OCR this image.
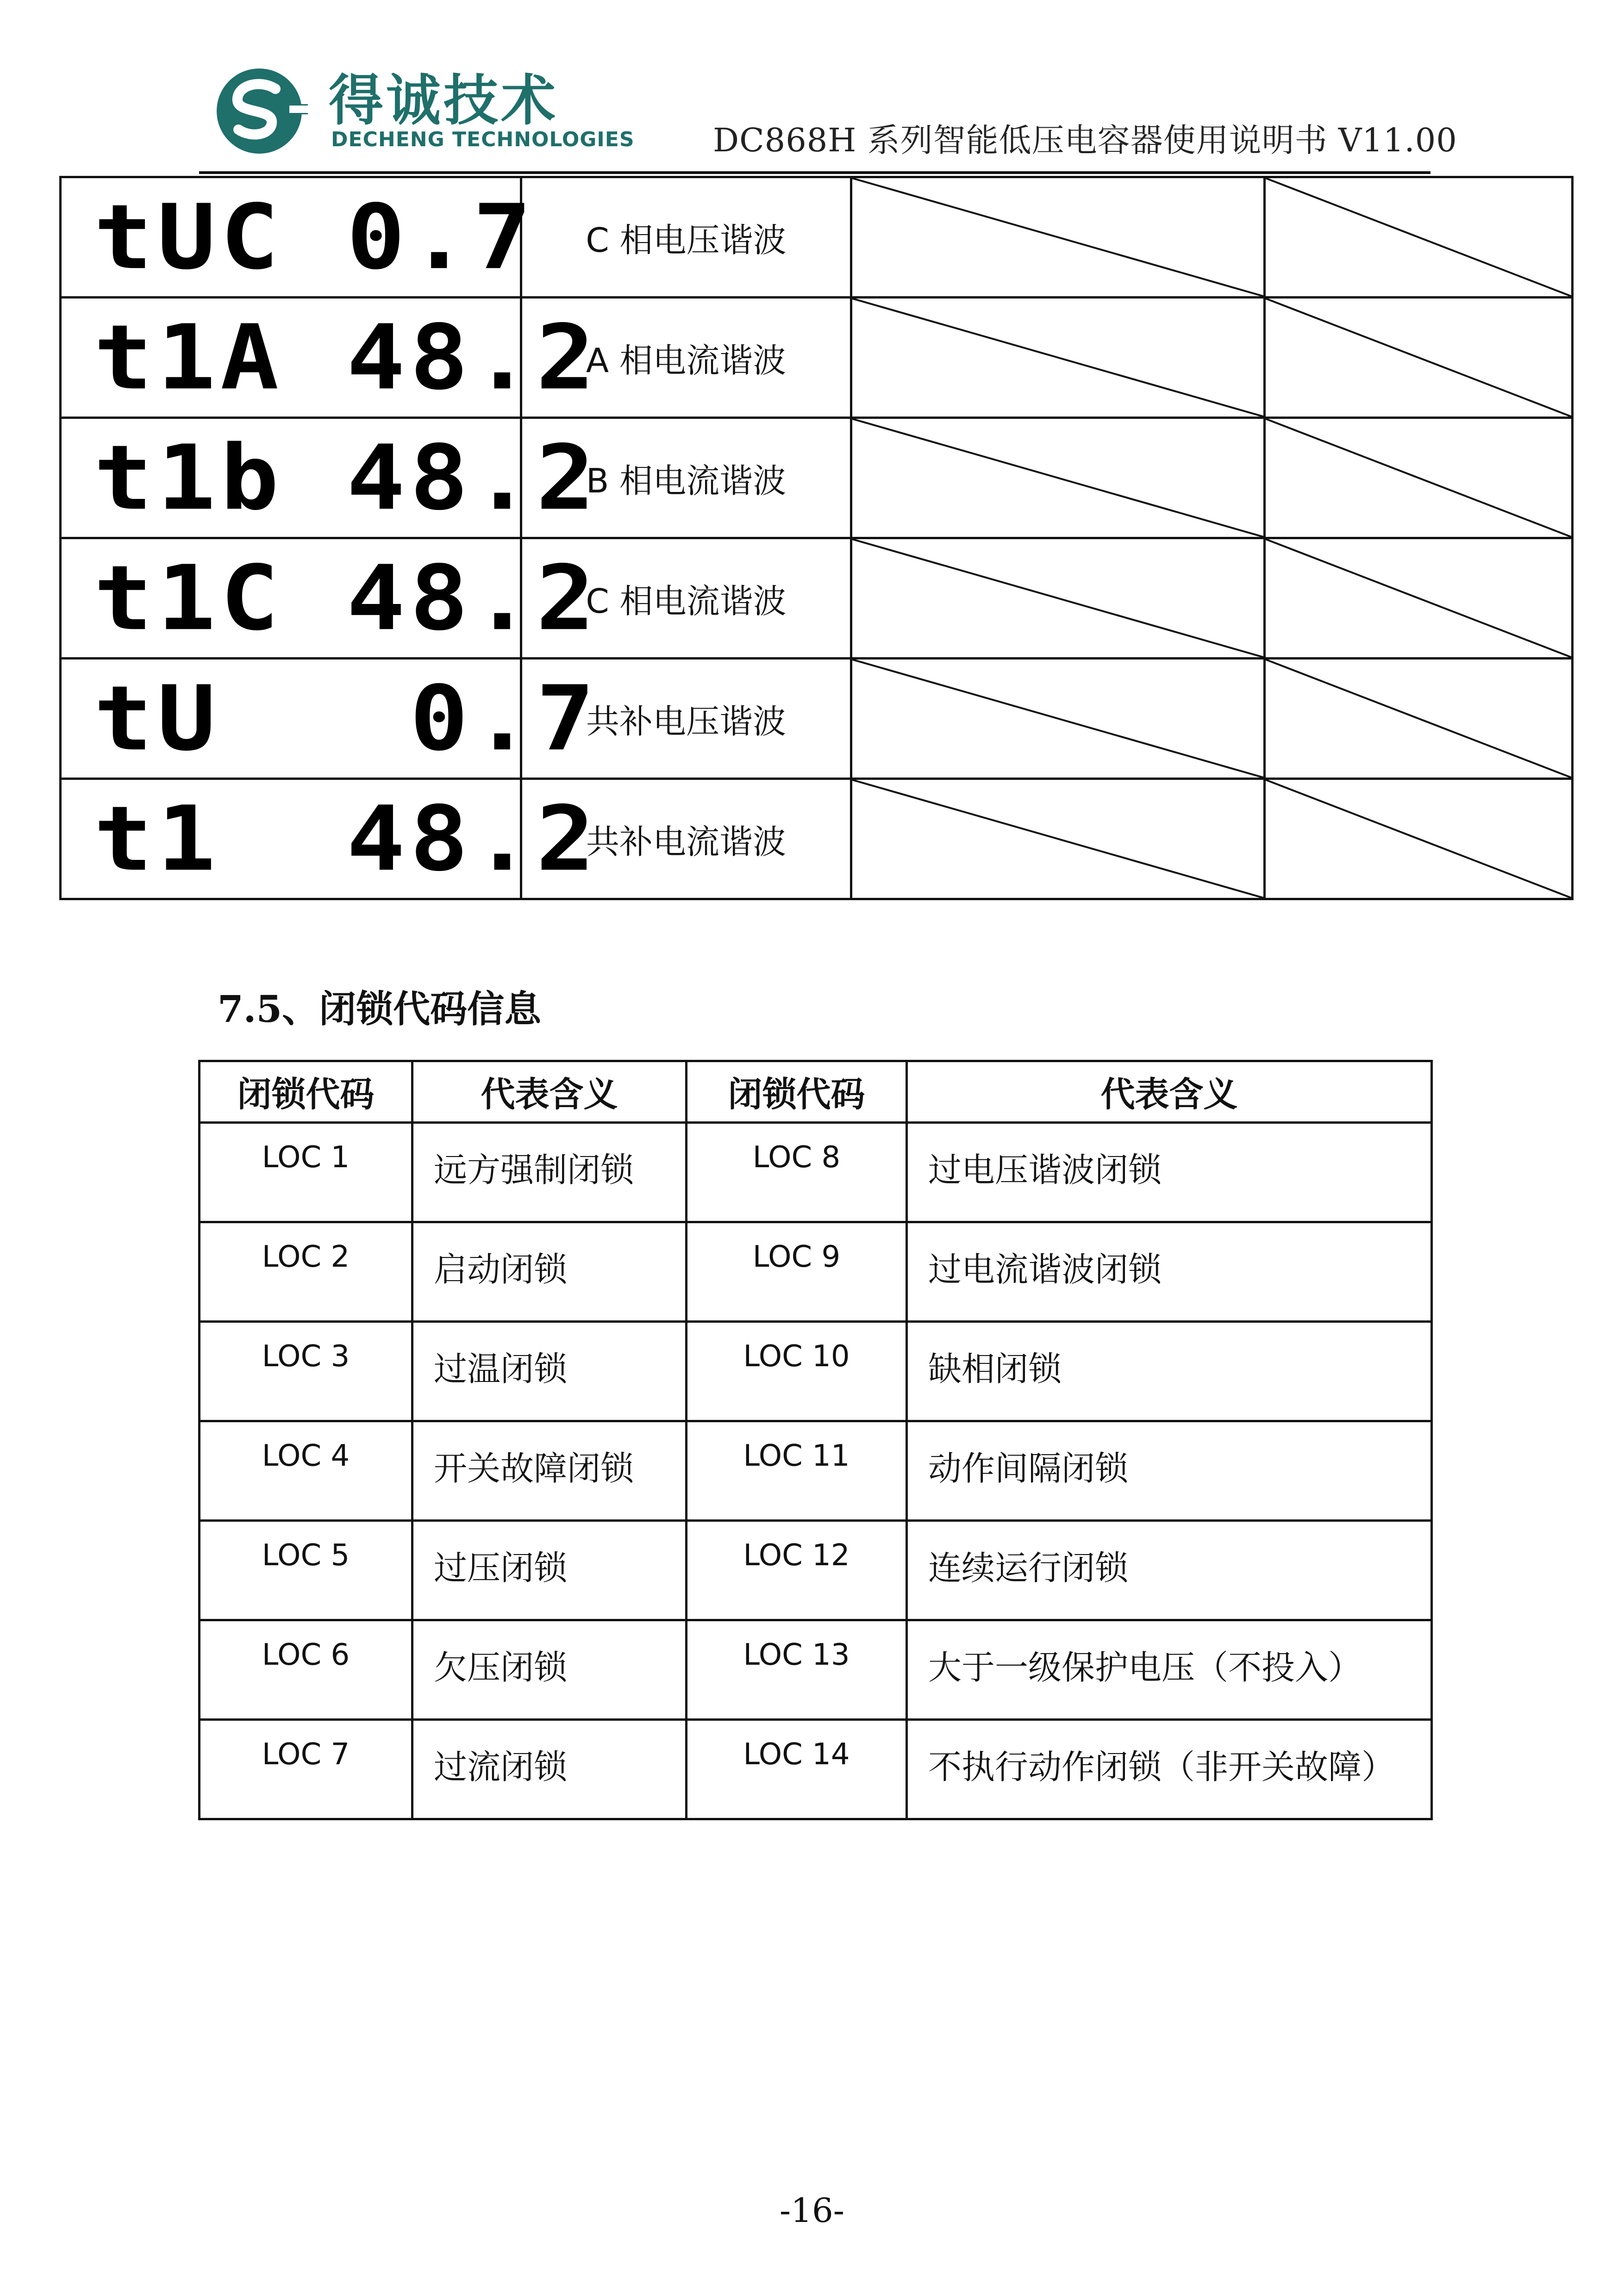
得诚技术
DECHENG TECHNOLOGIES DC868H 系列智能低压电容器使用说明书 V11.00
tUC 0.7	C 相电压谐波	

t1A 48.2	A 相电流谐波	

t1b 48.2	B 相电流谐波	

t1C 48.2	C 相电流谐波	

tU   0.7	共补电压谐波	

t1  48.2	共补电流谐波	

7.5、闭锁代码信息
闭锁代码	代表含义	闭锁代码	代表含义
LOC 1	远方强制闭锁	LOC 8	过电压谐波闭锁
LOC 2	启动闭锁	LOC 9	过电流谐波闭锁
LOC 3	过温闭锁	LOC 10	缺相闭锁
LOC 4	开关故障闭锁	LOC 11	动作间隔闭锁
LOC 5	过压闭锁	LOC 12	连续运行闭锁
LOC 6	欠压闭锁	LOC 13	大于一级保护电压（不投入）
LOC 7	过流闭锁	LOC 14	不执行动作闭锁（非开关故障）
-16-
